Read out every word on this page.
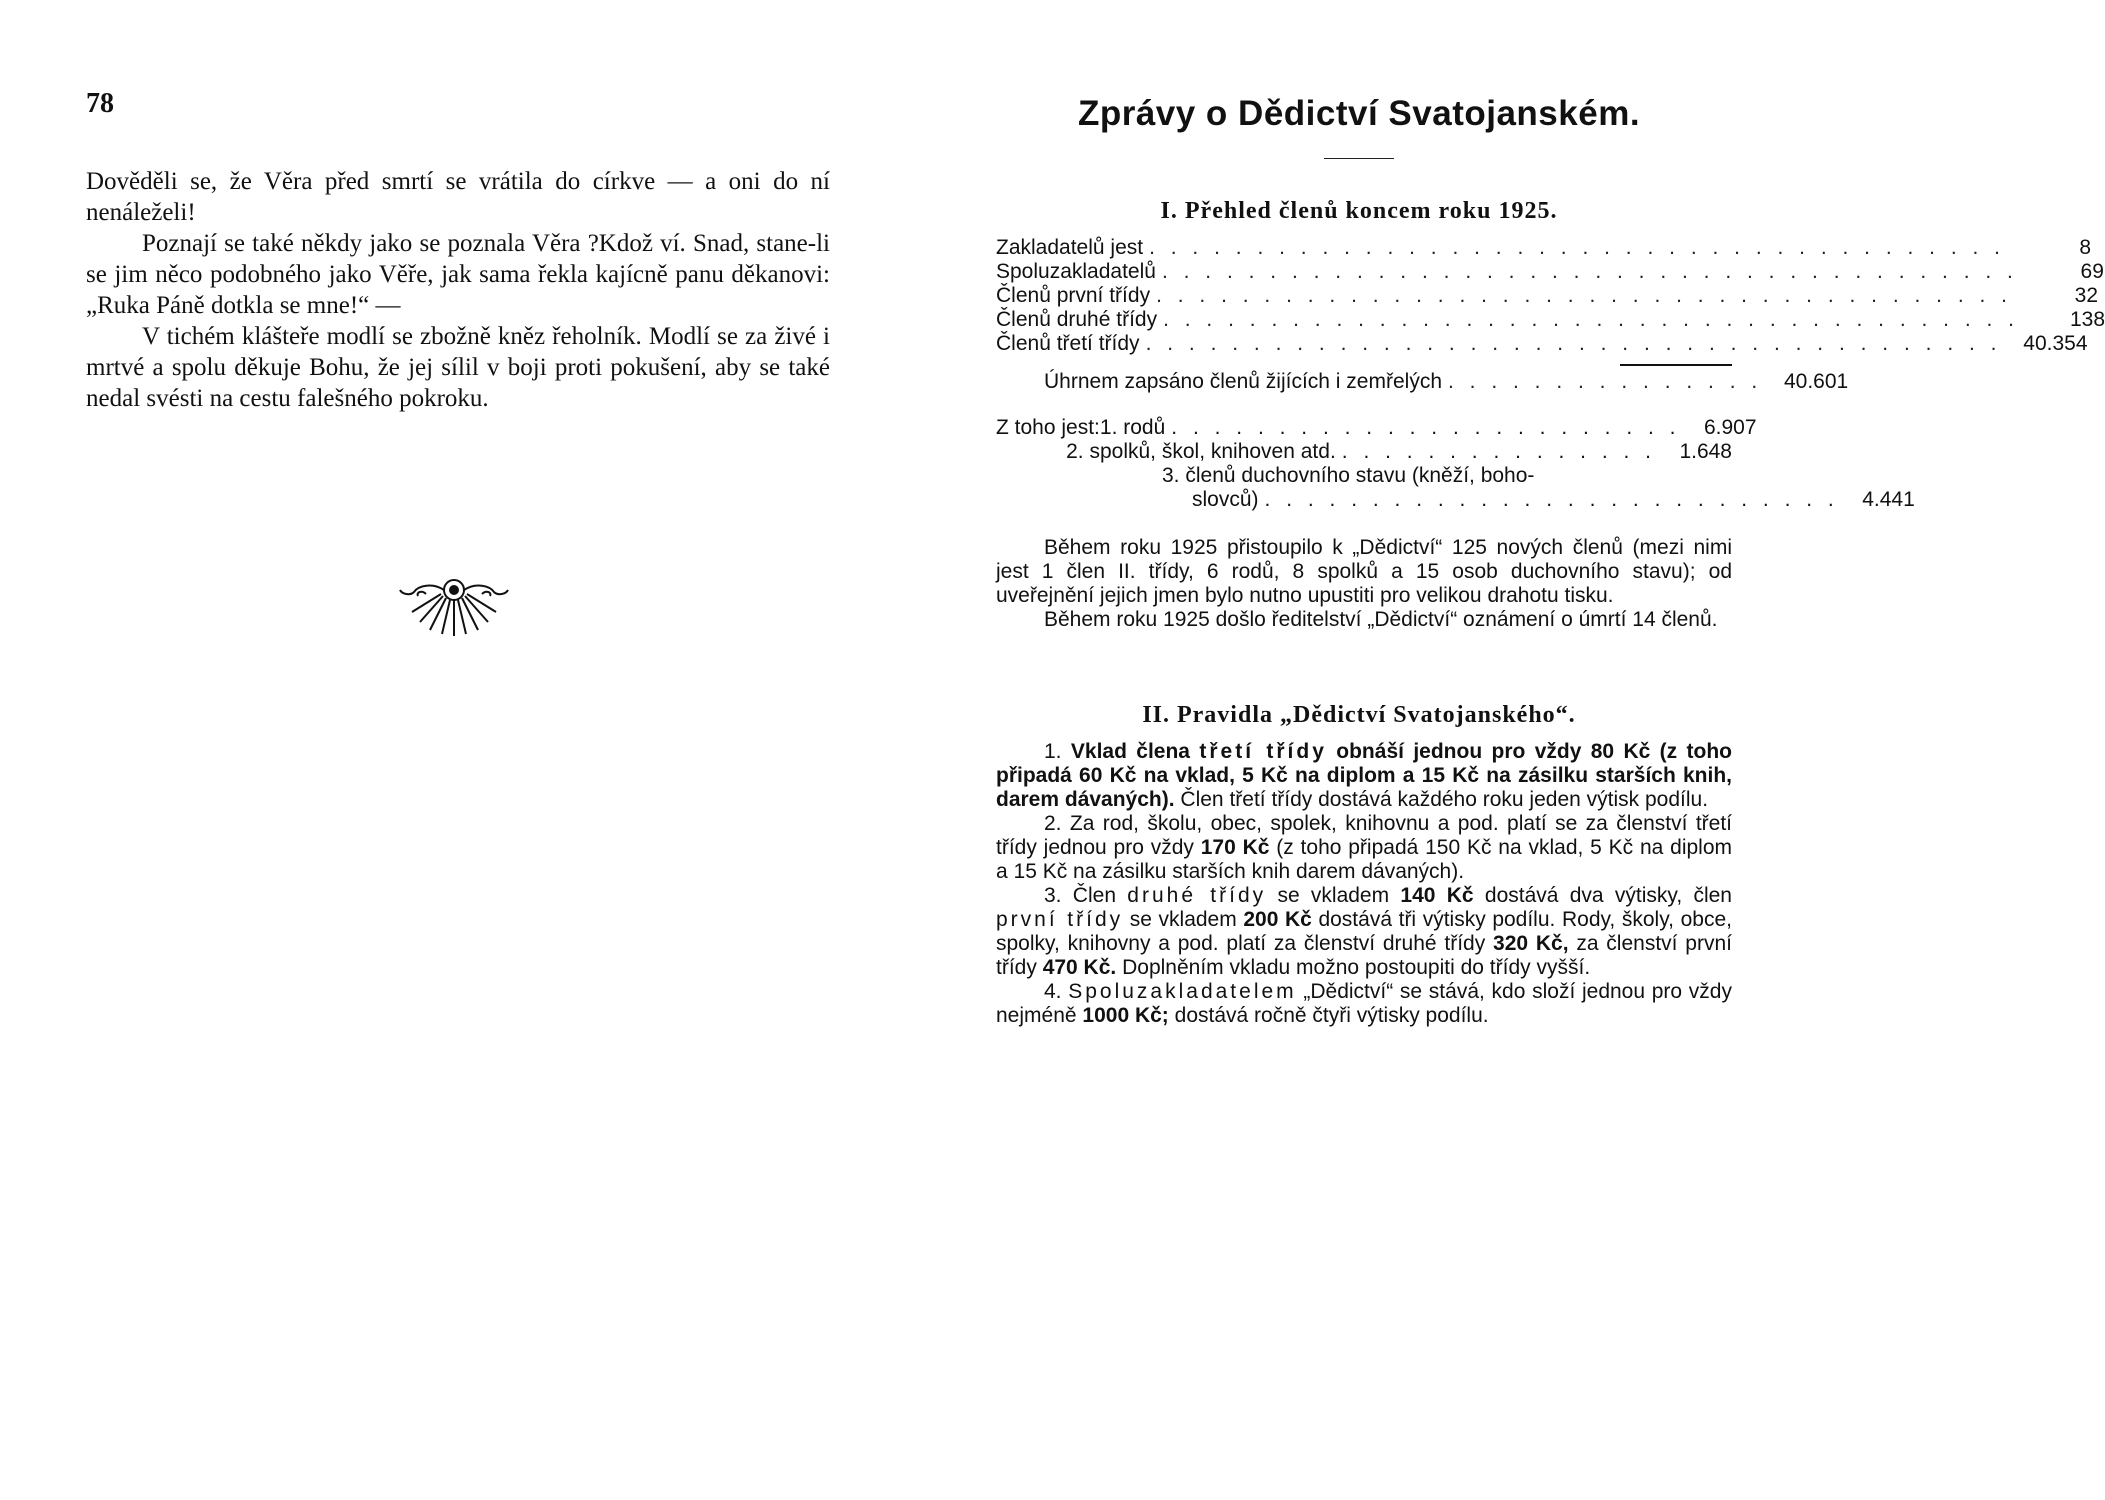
78

Dověděli se, že Věra před smrtí se vrátila do církve — a oni do ní nenáleželi!

Poznají se také někdy jako se poznala Věra ?Kdož ví. Snad, stane-li se jim něco podobného jako Věře, jak sama řekla kajícně panu děkanovi: „Ruka Páně dotkla se mne!“ —

V tichém klášteře modlí se zbožně kněz řeholník. Modlí se za živé i mrtvé a spolu děkuje Bohu, že jej sílil v boji proti pokušení, aby se také nedal svésti na cestu falešného pokroku.

Zprávy o Dědictví Svatojanském.
I. Přehled členů koncem roku 1925.
Zakladatelů jest . . . . . . . . . . . . . . . . . . . . . . . . . . . . . . . . . . . . . . . .	8
Spoluzakladatelů . . . . . . . . . . . . . . . . . . . . . . . . . . . . . . . . . . . . . . . .	69
Členů první třídy . . . . . . . . . . . . . . . . . . . . . . . . . . . . . . . . . . . . . . . .	32
Členů druhé třídy . . . . . . . . . . . . . . . . . . . . . . . . . . . . . . . . . . . . . . . .	138
Členů třetí třídy . . . . . . . . . . . . . . . . . . . . . . . . . . . . . . . . . . . . . . . .	40.354
Úhrnem zapsáno členů žijících i zemřelých . . . . . . . . . . . . . . .	40.601
Z toho jest: 1. rodů . . . . . . . . . . . . . . . . . . . . . . . .	6.907
2. spolků, škol, knihoven atd. . . . . . . . . . . . . . . .	1.648
3. členů duchovního stavu (kněží, boho-
slovců) . . . . . . . . . . . . . . . . . . . . . . . . . . .	4.441

Během roku 1925 přistoupilo k „Dědictví“ 125 nových členů (mezi nimi jest 1 člen II. třídy, 6 rodů, 8 spolků a 15 osob duchovního stavu); od uveřejnění jejich jmen bylo nutno upustiti pro velikou drahotu tisku.

Během roku 1925 došlo ředitelství „Dědictví“ oznámení o úmrtí 14 členů.

II. Pravidla „Dědictví Svatojanského“.

1. Vklad člena třetí třídy obnáší jednou pro vždy 80 Kč (z toho připadá 60 Kč na vklad, 5 Kč na diplom a 15 Kč na zásilku starších knih, darem dávaných). Člen třetí třídy dostává každého roku jeden výtisk podílu.

2. Za rod, školu, obec, spolek, knihovnu a pod. platí se za členství třetí třídy jednou pro vždy 170 Kč (z toho připadá 150 Kč na vklad, 5 Kč na diplom a 15 Kč na zásilku starších knih darem dávaných).

3. Člen druhé třídy se vkladem 140 Kč dostává dva výtisky, člen první třídy se vkladem 200 Kč dostává tři výtisky podílu. Rody, školy, obce, spolky, knihovny a pod. platí za členství druhé třídy 320 Kč, za členství první třídy 470 Kč. Doplněním vkladu možno postoupiti do třídy vyšší.

4. Spoluzakladatelem „Dědictví“ se stává, kdo složí jednou pro vždy nejméně 1000 Kč; dostává ročně čtyři výtisky podílu.
